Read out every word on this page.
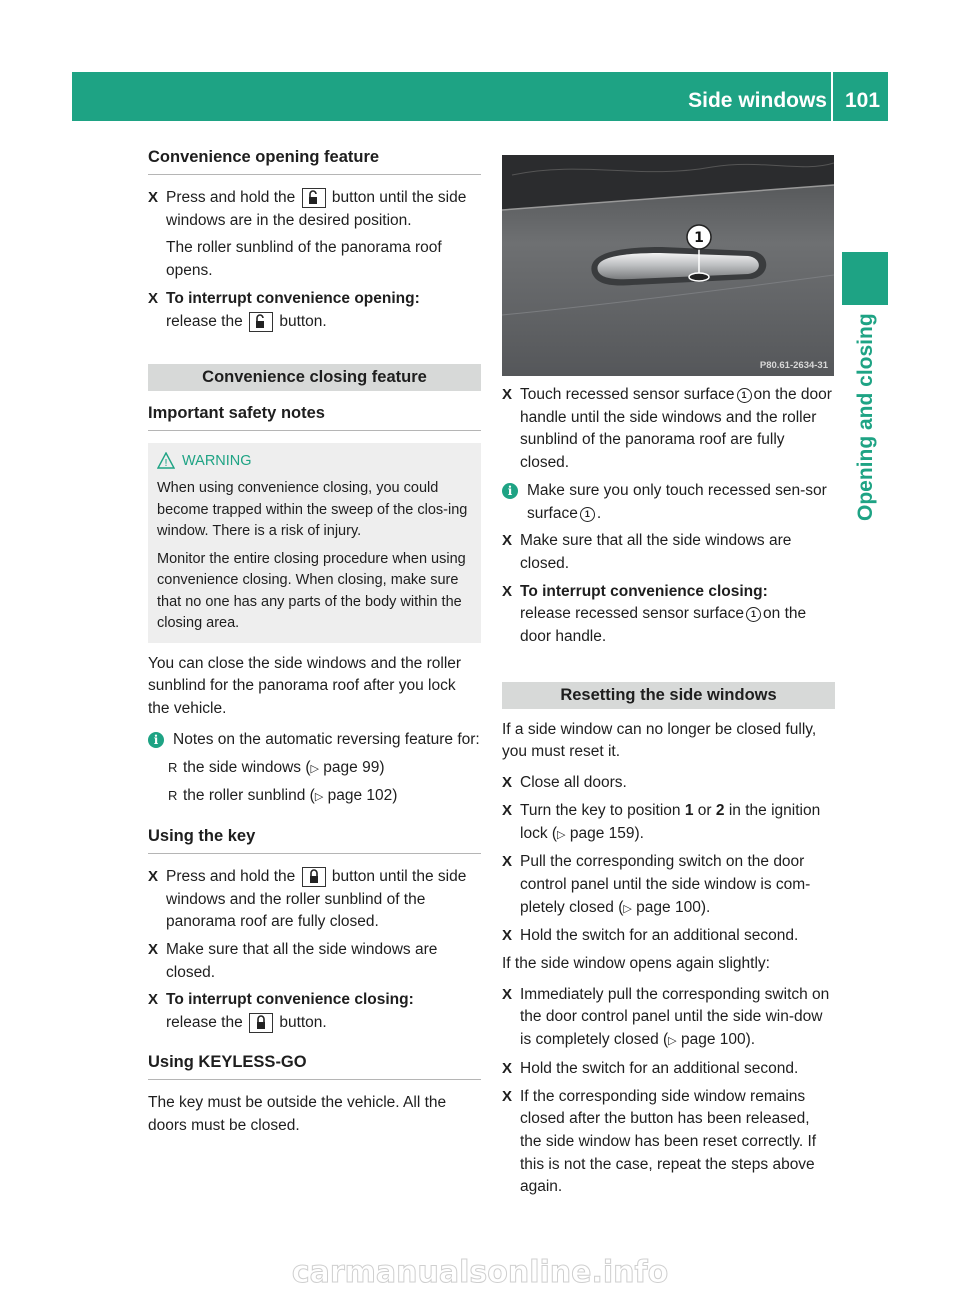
Side windows 101
Opening and closing
Convenience opening feature
X Press and hold the button until the side windows are in the desired position.

The roller sunblind of the panorama roof opens.

X To interrupt convenience opening:

release the button.

Convenience closing feature
Important safety notes
! WARNING

When using convenience closing, you could become trapped within the sweep of the clos-ing window. There is a risk of injury.

Monitor the entire closing procedure when using convenience closing. When closing, make sure that no one has any parts of the body within the closing area.

You can close the side windows and the roller sunblind for the panorama roof after you lock the vehicle.

i Notes on the automatic reversing feature for:

R the side windows (▷ page 99)

R the roller sunblind (▷ page 102)

Using the key
X Press and hold the button until the side windows and the roller sunblind of the panorama roof are fully closed.

X Make sure that all the side windows are closed.

X To interrupt convenience closing:

release the button.

Using KEYLESS-GO

The key must be outside the vehicle. All the doors must be closed.

1
P80.61-2634-31
X Touch recessed sensor surface 1 on the door handle until the side windows and the roller sunblind of the panorama roof are fully closed.

i Make sure you only touch recessed sen-sor surface 1 .

X Make sure that all the side windows are closed.

X To interrupt convenience closing:

release recessed sensor surface 1 on the door handle.

Resetting the side windows

If a side window can no longer be closed fully, you must reset it.

X Close all doors.

X Turn the key to position 1 or 2 in the ignition lock (▷ page 159).

X Pull the corresponding switch on the door control panel until the side window is com-pletely closed (▷ page 100).

X Hold the switch for an additional second.

If the side window opens again slightly:

X Immediately pull the corresponding switch on the door control panel until the side win-dow is completely closed (▷ page 100).

X Hold the switch for an additional second.

X If the corresponding side window remains closed after the button has been released, the side window has been reset correctly. If this is not the case, repeat the steps above again.

carmanualsonline.info
